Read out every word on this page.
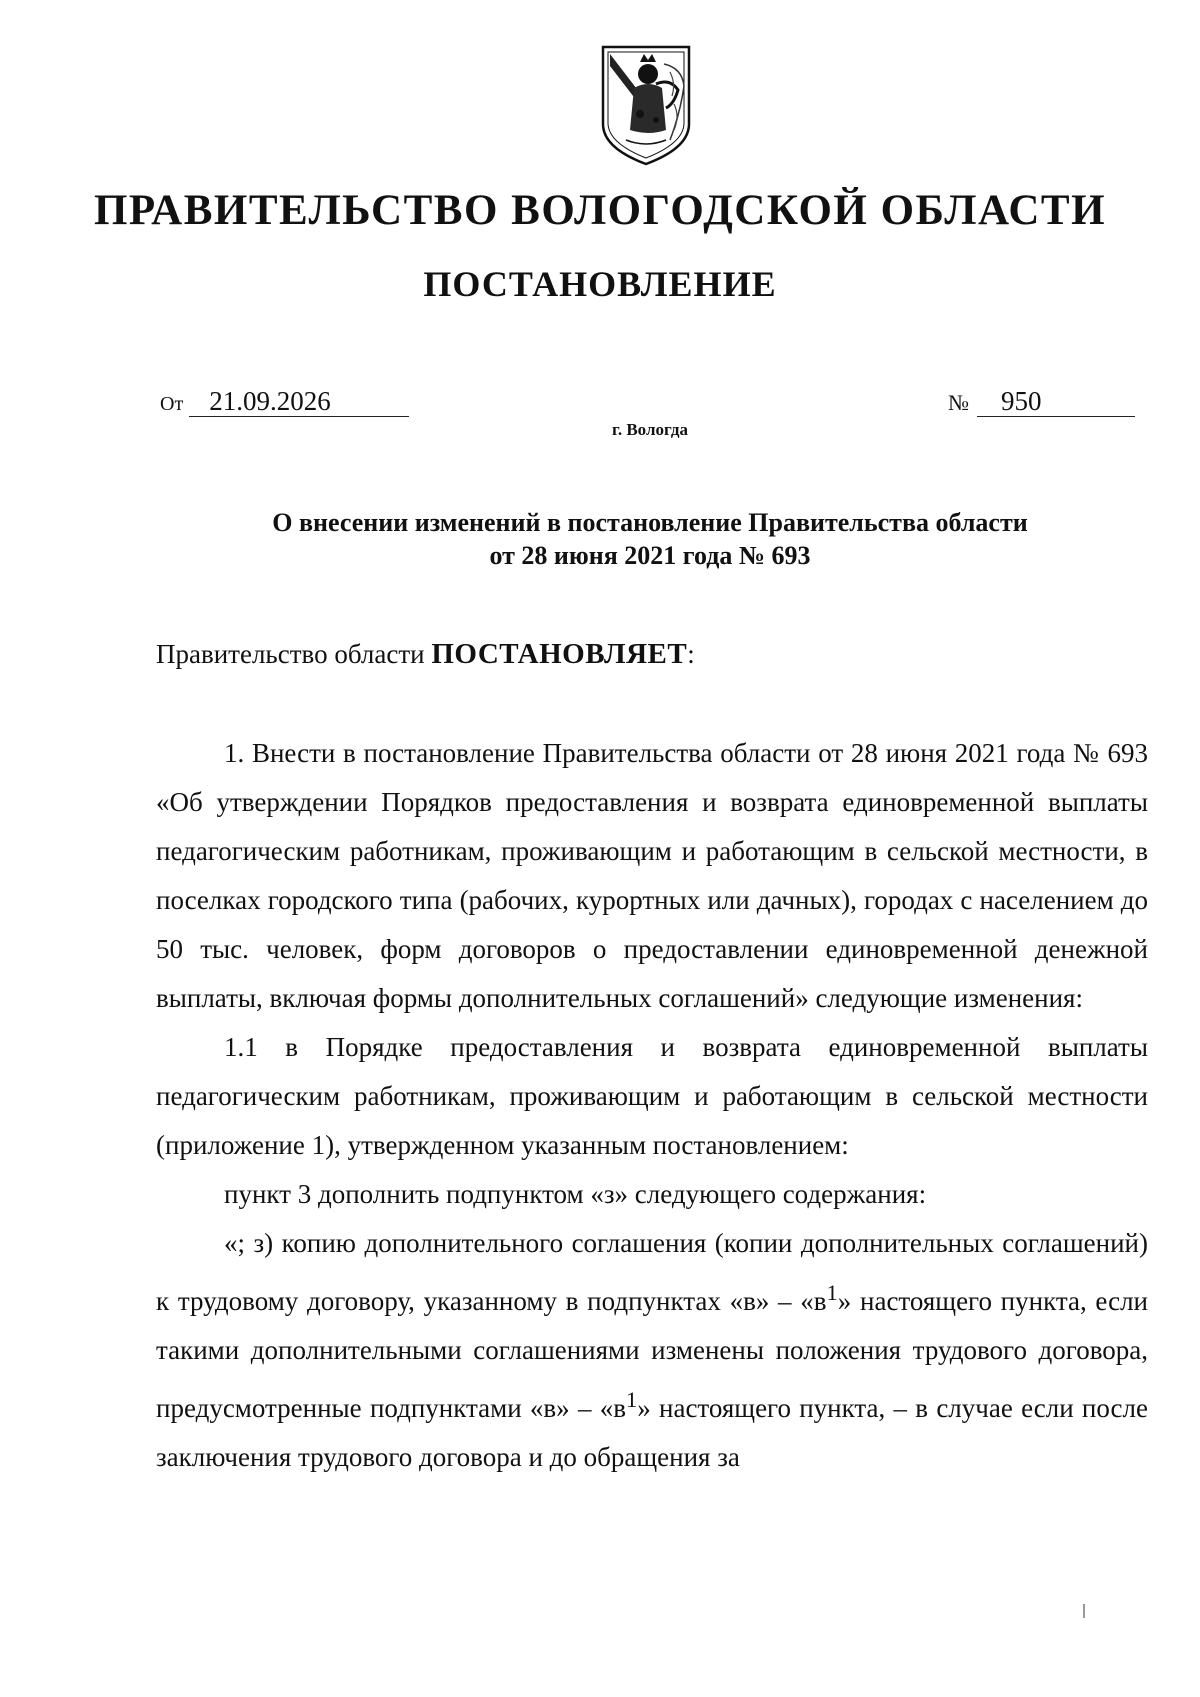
ПРАВИТЕЛЬСТВО ВОЛОГОДСКОЙ ОБЛАСТИ
ПОСТАНОВЛЕНИЕ
От 21.09.2026	№ 950
г. Вологда
О внесении изменений в постановление Правительства области
от 28 июня 2021 года № 693

Правительство области ПОСТАНОВЛЯЕТ:

1. Внести в постановление Правительства области от 28 июня 2021 года № 693 «Об утверждении Порядков предоставления и возврата единовременной выплаты педагогическим работникам, проживающим и работающим в сельской местности, в поселках городского типа (рабочих, курортных или дачных), городах с населением до 50 тыс. человек, форм договоров о предоставлении единовременной денежной выплаты, включая формы дополнительных соглашений» следующие изменения:

1.1 в Порядке предоставления и возврата единовременной выплаты педагогическим работникам, проживающим и работающим в сельской местности (приложение 1), утвержденном указанным постановлением:

пункт 3 дополнить подпунктом «з» следующего содержания:

«; з) копию дополнительного соглашения (копии дополнительных соглашений) к трудовому договору, указанному в подпунктах «в» – «$в^1$» настоящего пункта, если такими дополнительными соглашениями изменены положения трудового договора, предусмотренные подпунктами «в» – «$в^1$» настоящего пункта, – в случае если после заключения трудового договора и до обращения за
